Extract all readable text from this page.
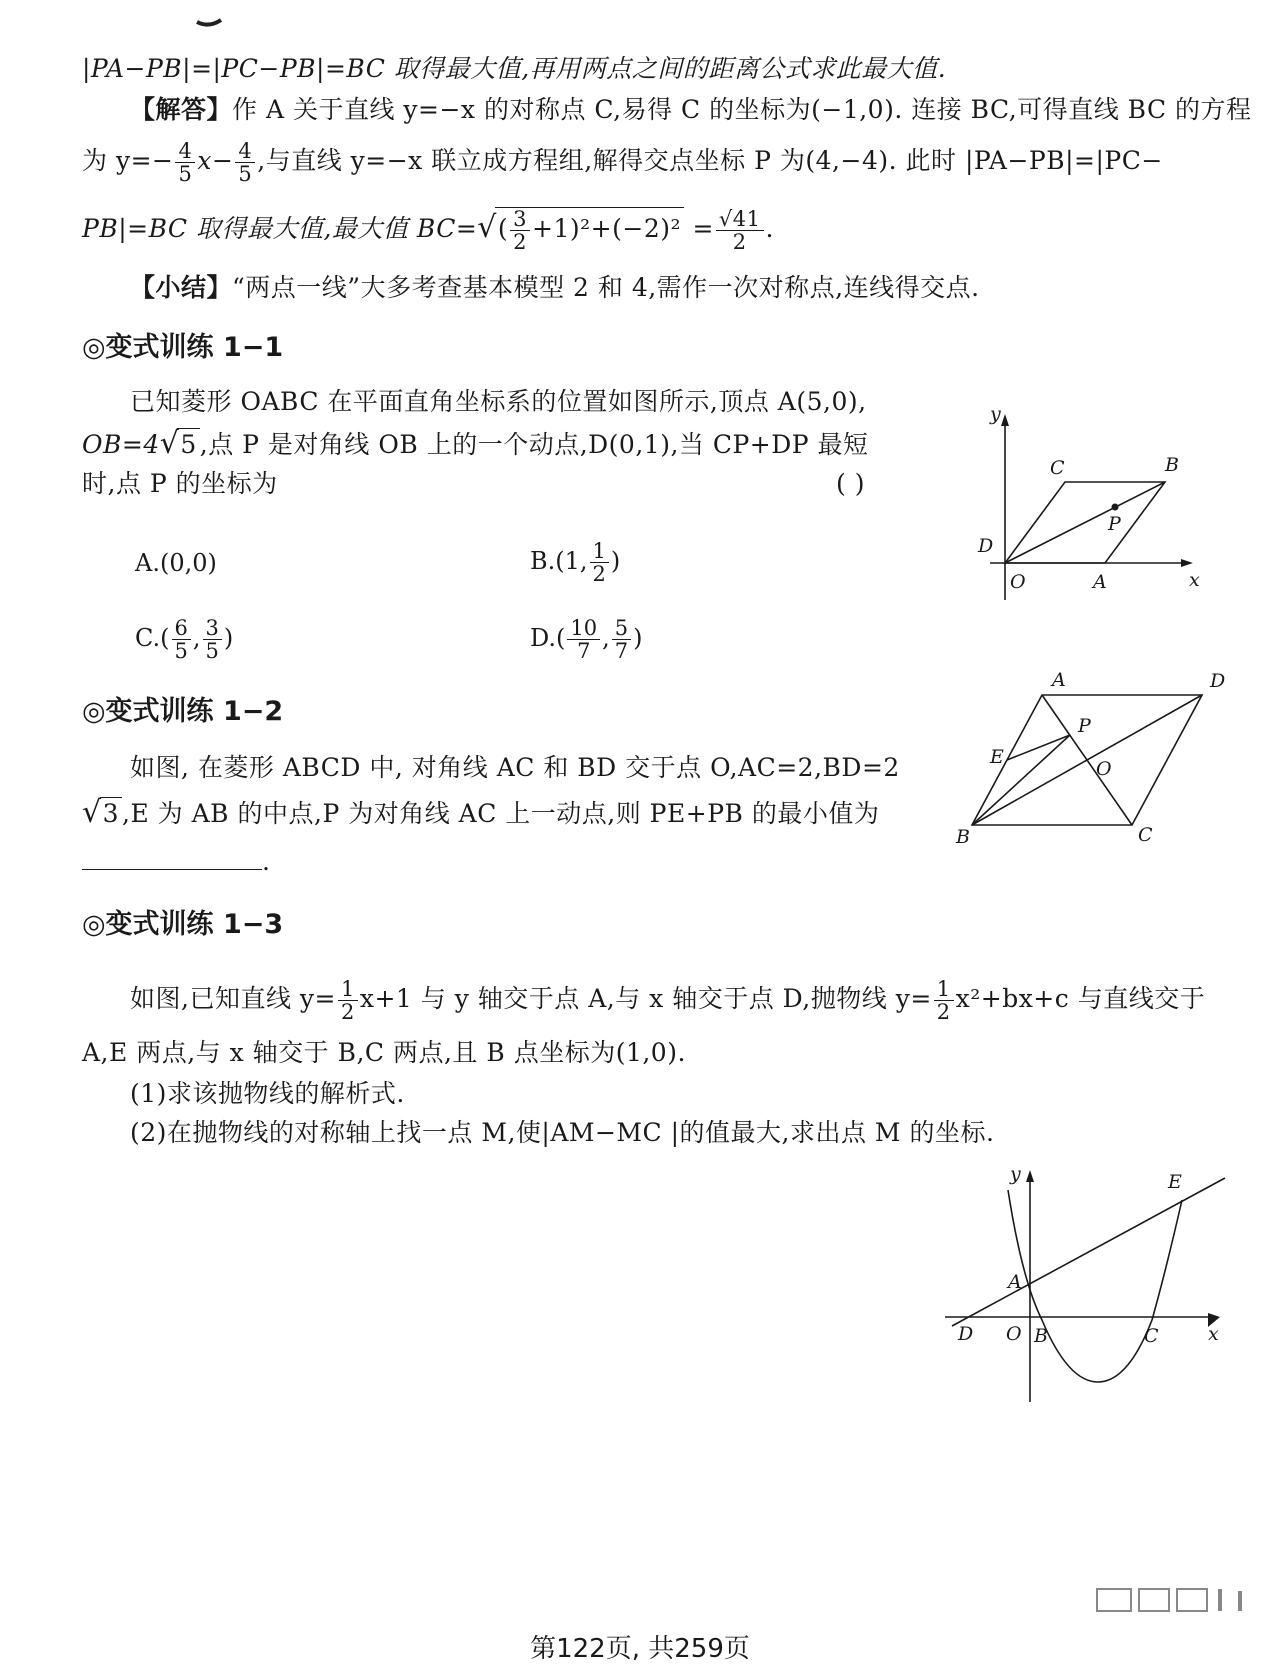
|PA−PB|=|PC−PB|=BC 取得最大值,再用两点之间的距离公式求此最大值.
【解答】作 A 关于直线 y=−x 的对称点 C,易得 C 的坐标为(−1,0). 连接 BC,可得直线 BC 的方程
为 $y=- \frac{4}{5} x- \frac{4}{5}$ ,与直线 y=−x 联立成方程组,解得交点坐标 P 为(4,−4). 此时 |PA−PB|=|PC−
PB|=BC 取得最大值,最大值 $BC=√( \frac{3}{2} +1)^2+(-2)^2 = \frac{√41}{2}$ .
【小结】“两点一线”大多考查基本模型 2 和 4,需作一次对称点,连线得交点.
◎变式训练 1−1
已知菱形 OABC 在平面直角坐标系的位置如图所示,顶点 A(5,0),
OB=4√5 ,点 P 是对角线 OB 上的一个动点,D(0,1),当 CP+DP 最短
时,点 P 的坐标为	( )
A.(0,0)	B.(1, $\frac{1}{2}$ )
$C.( \frac{6}{5}$ , $\frac{3}{5}$ )	$D.( \frac{10}{7}$ , $\frac{5}{7}$ )
y
x
C	B
P
D
O	A
◎变式训练 1−2
如图, 在菱形 ABCD 中, 对角线 AC 和 BD 交于点 O,AC=2,BD=2
√3 ,E 为 AB 的中点,P 为对角线 AC 上一动点,则 PE+PB 的最小值为
.
A	D
P
E
O
B	C
◎变式训练 1−3
如图,已知直线 $y= \frac{1}{2} x+1$ 与 y 轴交于点 A,与 x 轴交于点 D,抛物线 $y= \frac{1}{2} x^2+bx+c$ 与直线交于
A,E 两点,与 x 轴交于 B,C 两点,且 B 点坐标为(1,0).
(1)求该抛物线的解析式.
(2)在抛物线的对称轴上找一点 M,使|AM−MC |的值最大,求出点 M 的坐标.
y	E
A
D O B	C	x
第122页, 共259页
